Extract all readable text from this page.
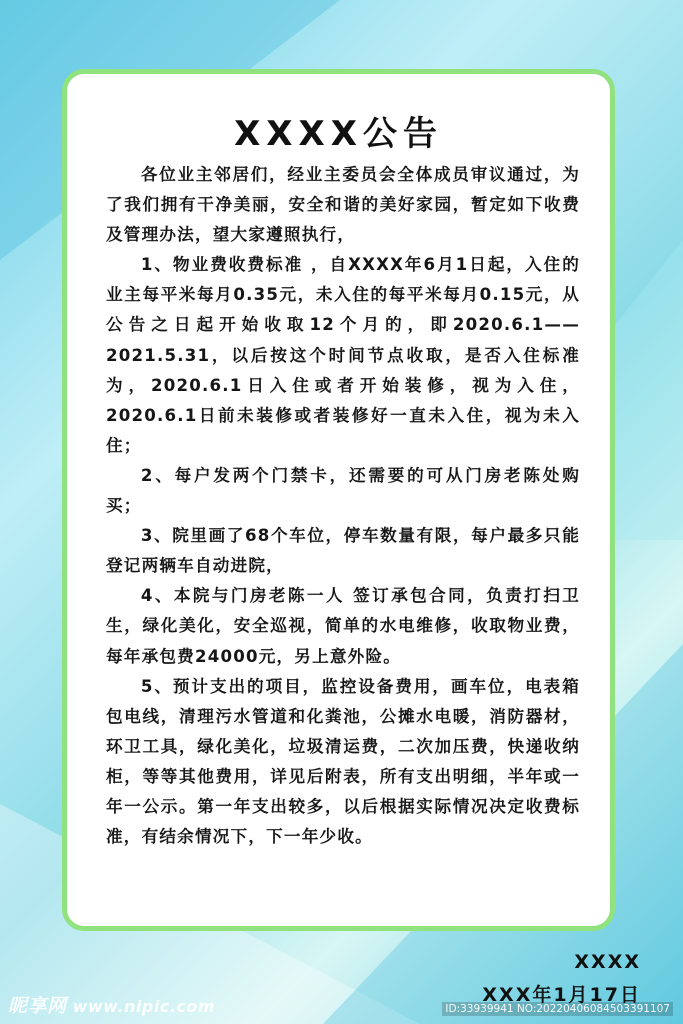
XXXX公告

各位业主邻居们，经业主委员会全体成员审议通过，为了我们拥有干净美丽，安全和谐的美好家园，暂定如下收费及管理办法，望大家遵照执行，

1、物业费收费标准 ，自XXXX年6月1日起，入住的业主每平米每月0.35元，未入住的每平米每月0.15元，从公告之日起开始收取12个月的，即2020.6.1——2021.5.31，以后按这个时间节点收取，是否入住标准为，2020.6.1日入住或者开始装修，视为入住，2020.6.1日前未装修或者装修好一直未入住，视为未入住；

2、每户发两个门禁卡，还需要的可从门房老陈处购买；

3、院里画了68个车位，停车数量有限，每户最多只能登记两辆车自动进院，

4、本院与门房老陈一人 签订承包合同，负责打扫卫生，绿化美化，安全巡视，简单的水电维修，收取物业费，每年承包费24000元，另上意外险。

5、预计支出的项目，监控设备费用，画车位，电表箱包电线，清理污水管道和化粪池，公摊水电暖，消防器材，环卫工具，绿化美化，垃圾清运费，二次加压费，快递收纳柜，等等其他费用，详见后附表，所有支出明细，半年或一年一公示。第一年支出较多，以后根据实际情况决定收费标准，有结余情况下，下一年少收。

XXXX
XXX年1月17日
昵享网 www.nipic.com	ID:33939941 NO:20220406084503391107
